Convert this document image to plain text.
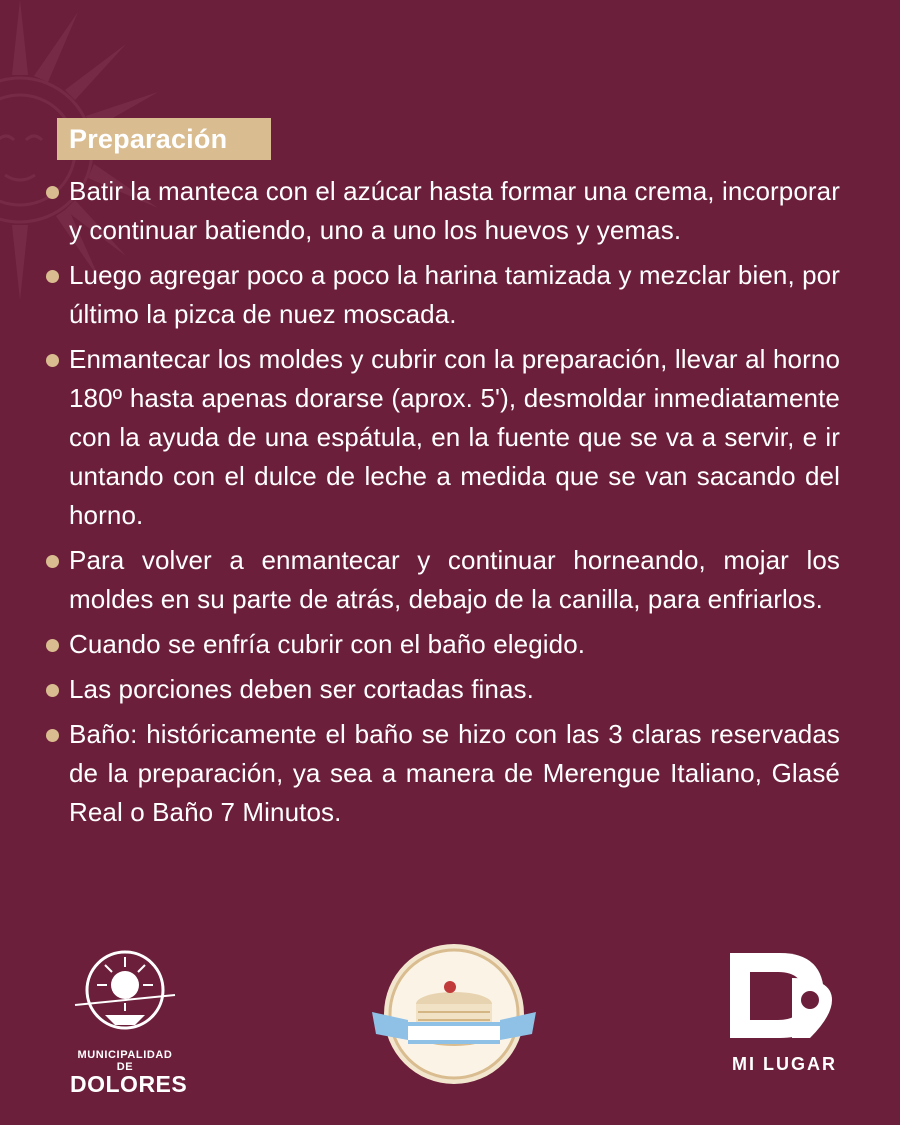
Preparación
Batir la manteca con el azúcar hasta formar una crema, incorporar y continuar batiendo, uno a uno los huevos y yemas.
Luego agregar poco a poco la harina tamizada y mezclar bien, por último la pizca de nuez moscada.
Enmantecar los moldes y cubrir con la preparación, llevar al horno 180º hasta apenas dorarse (aprox. 5'), desmoldar inmediatamente con la ayuda de una espátula, en la fuente que se va a servir, e ir untando con el dulce de leche a medida que se van sacando del horno.
Para volver a enmantecar y continuar horneando, mojar los moldes en su parte de atrás, debajo de la canilla, para enfriarlos.
Cuando se enfría cubrir con el baño elegido.
Las porciones deben ser cortadas finas.
Baño: históricamente el baño se hizo con las 3 claras reservadas de la preparación, ya sea a manera de Merengue Italiano, Glasé Real o Baño 7 Minutos.
MUNICIPALIDAD DE
DOLORES
MI LUGAR
